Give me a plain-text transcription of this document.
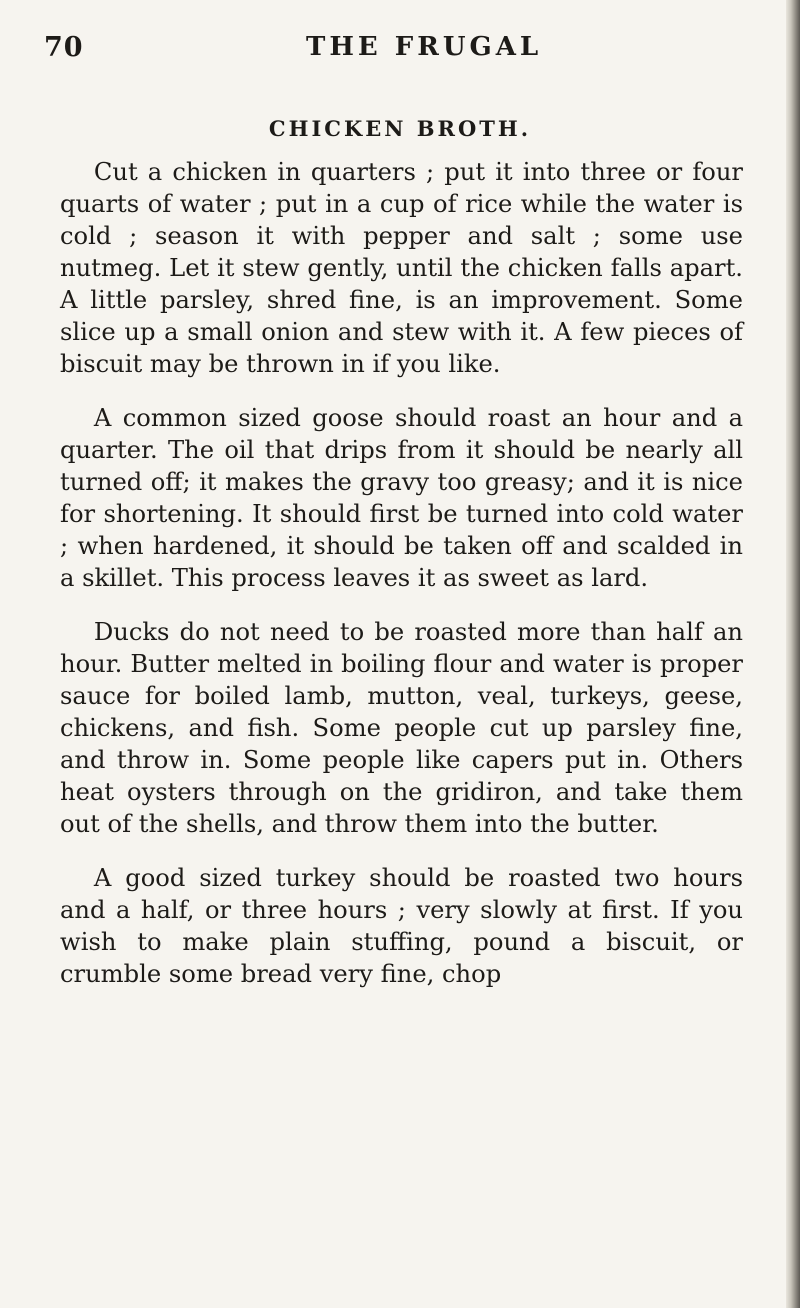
70	THE FRUGAL
CHICKEN BROTH.

Cut a chicken in quarters ; put it into three or four quarts of water ; put in a cup of rice while the water is cold ; season it with pepper and salt ; some use nutmeg. Let it stew gently, until the chicken falls apart. A little parsley, shred fine, is an improvement. Some slice up a small onion and stew with it. A few pieces of biscuit may be thrown in if you like.

A common sized goose should roast an hour and a quarter. The oil that drips from it should be nearly all turned off; it makes the gravy too greasy; and it is nice for shortening. It should first be turned into cold water ; when hardened, it should be taken off and scalded in a skillet. This process leaves it as sweet as lard.

Ducks do not need to be roasted more than half an hour. Butter melted in boiling flour and water is proper sauce for boiled lamb, mutton, veal, turkeys, geese, chickens, and fish. Some people cut up parsley fine, and throw in. Some people like capers put in. Others heat oysters through on the gridiron, and take them out of the shells, and throw them into the butter.

A good sized turkey should be roasted two hours and a half, or three hours ; very slowly at first. If you wish to make plain stuffing, pound a biscuit, or crumble some bread very fine, chop
